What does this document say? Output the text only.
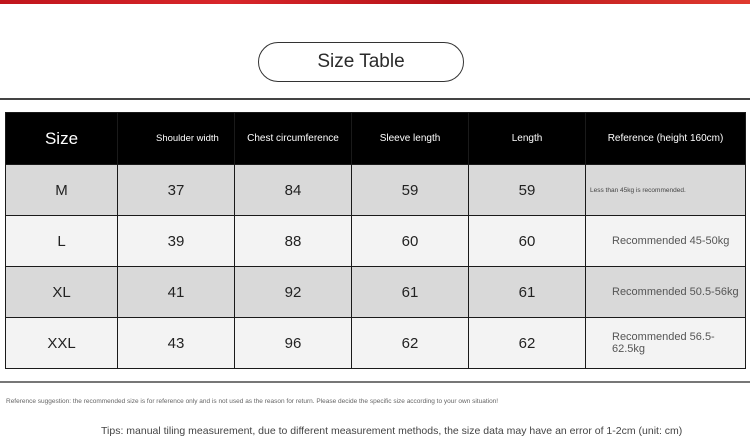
Size Table
Size	Shoulder width	Chest circumference	Sleeve length	Length	Reference (height 160cm)
M	37	84	59	59	Less than 45kg is recommended.
L	39	88	60	60	Recommended 45-50kg
XL	41	92	61	61	Recommended 50.5-56kg
XXL	43	96	62	62	Recommended 56.5-62.5kg
Reference suggestion: the recommended size is for reference only and is not used as the reason for return. Please decide the specific size according to your own situation!
Tips: manual tiling measurement, due to different measurement methods, the size data may have an error of 1-2cm (unit: cm)
